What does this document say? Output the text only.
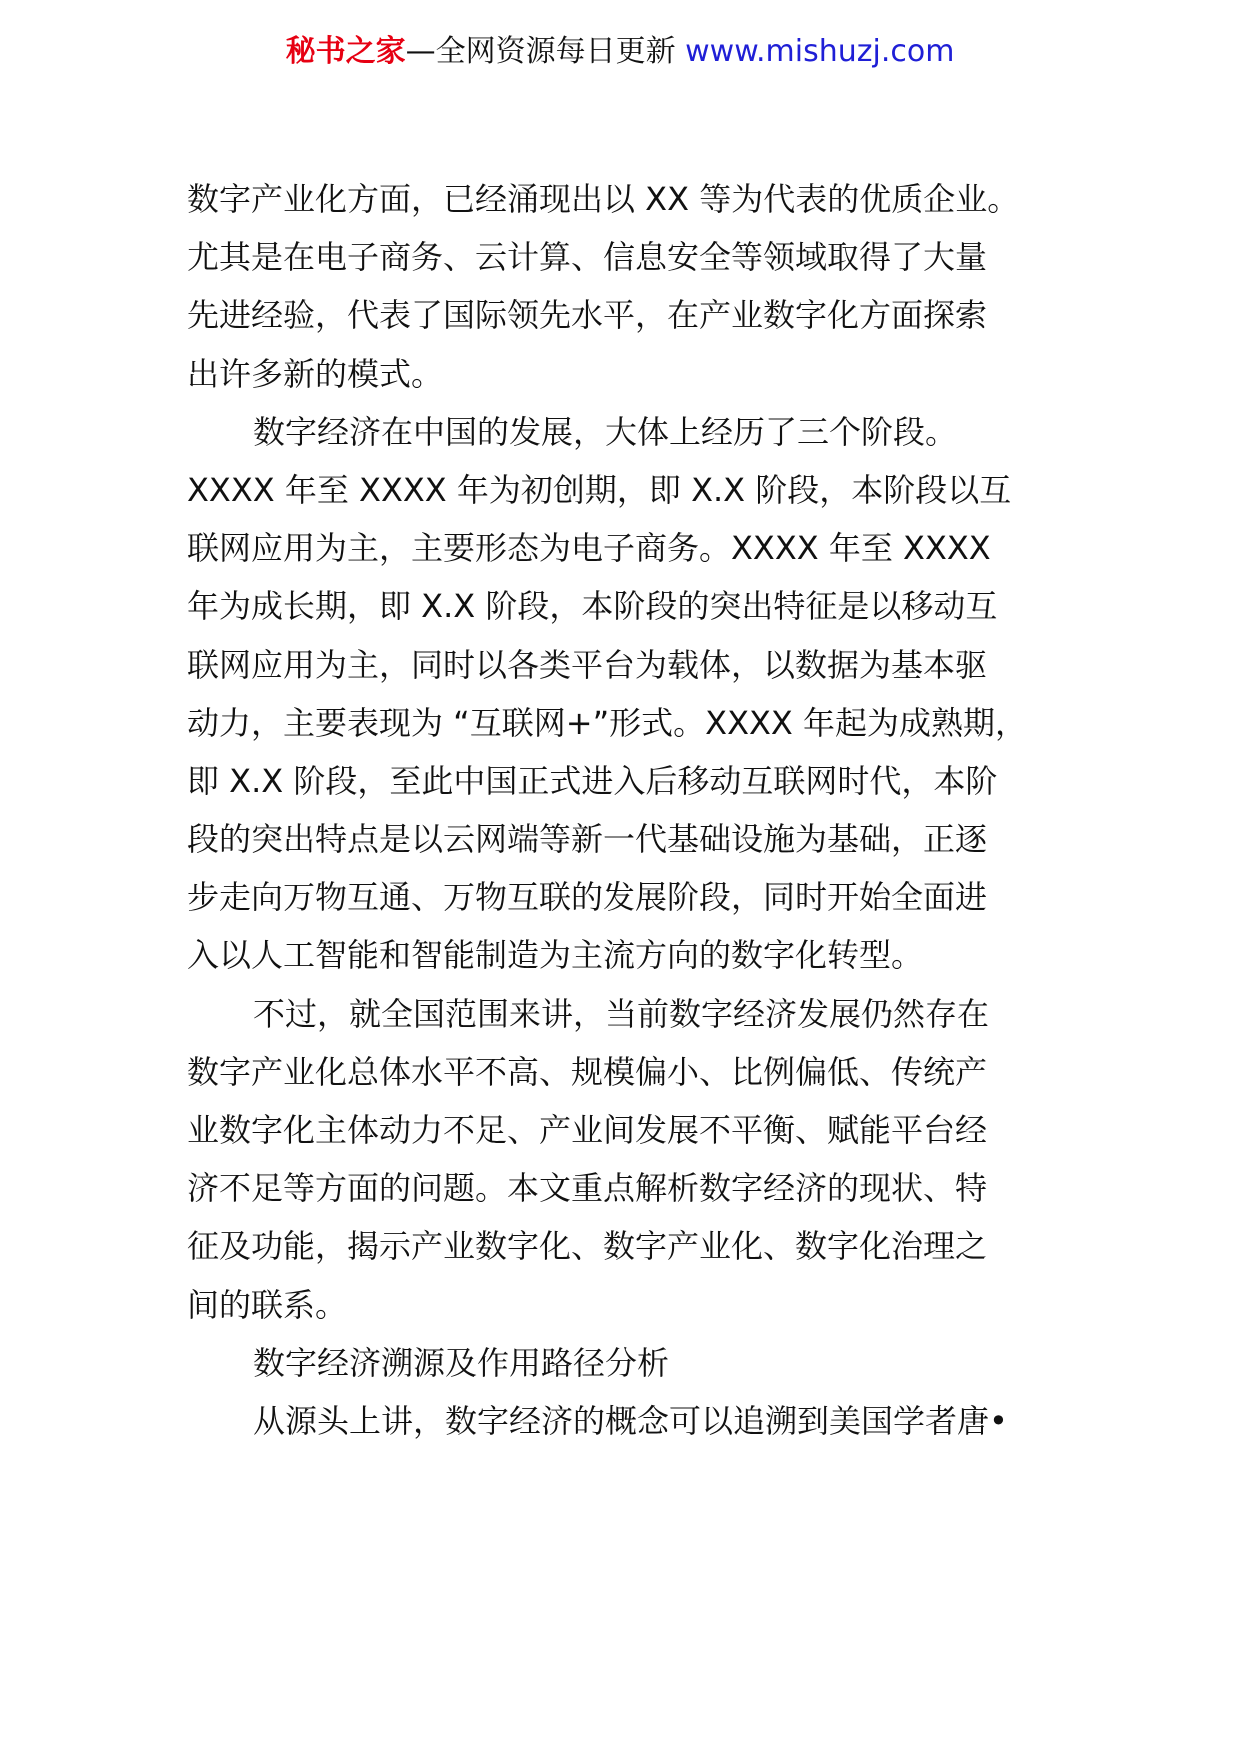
秘书之家—全网资源每日更新 www.mishuzj.com
数字产业化方面，已经涌现出以 XX 等为代表的优质企业。
尤其是在电子商务、云计算、信息安全等领域取得了大量
先进经验，代表了国际领先水平，在产业数字化方面探索
出许多新的模式。
数字经济在中国的发展，大体上经历了三个阶段。
XXXX 年至 XXXX 年为初创期，即 X.X 阶段，本阶段以互
联网应用为主，主要形态为电子商务。XXXX 年至 XXXX
年为成长期，即 X.X 阶段，本阶段的突出特征是以移动互
联网应用为主，同时以各类平台为载体，以数据为基本驱
动力，主要表现为 “互联网+”形式。XXXX 年起为成熟期，
即 X.X 阶段，至此中国正式进入后移动互联网时代，本阶
段的突出特点是以云网端等新一代基础设施为基础，正逐
步走向万物互通、万物互联的发展阶段，同时开始全面进
入以人工智能和智能制造为主流方向的数字化转型。
不过，就全国范围来讲，当前数字经济发展仍然存在
数字产业化总体水平不高、规模偏小、比例偏低、传统产
业数字化主体动力不足、产业间发展不平衡、赋能平台经
济不足等方面的问题。本文重点解析数字经济的现状、特
征及功能，揭示产业数字化、数字产业化、数字化治理之
间的联系。
数字经济溯源及作用路径分析
从源头上讲，数字经济的概念可以追溯到美国学者唐•
